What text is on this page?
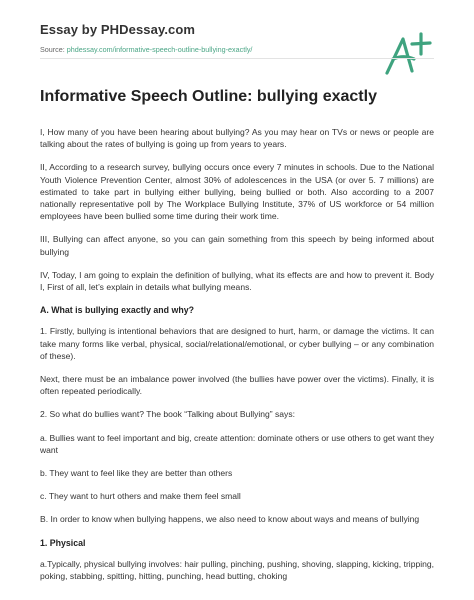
Essay by PHDessay.com
Source: phdessay.com/informative-speech-outline-bullying-exactly/
Informative Speech Outline: bullying exactly

I, How many of you have been hearing about bullying? As you may hear on TVs or news or people are talking about the rates of bullying is going up from years to years.

II, According to a research survey, bullying occurs once every 7 minutes in schools. Due to the National Youth Violence Prevention Center, almost 30% of adolescences in the USA (or over 5. 7 millions) are estimated to take part in bullying either bullying, being bullied or both. Also according to a 2007 nationally representative poll by The Workplace Bullying Institute, 37% of US workforce or 54 million employees have been bullied some time during their work time.

III, Bullying can affect anyone, so you can gain something from this speech by being informed about bullying

IV, Today, I am going to explain the definition of bullying, what its effects are and how to prevent it. Body I, First of all, let’s explain in details what bullying means.

A. What is bullying exactly and why?

1. Firstly, bullying is intentional behaviors that are designed to hurt, harm, or damage the victims. It can take many forms like verbal, physical, social/relational/emotional, or cyber bullying – or any combination of these).

Next, there must be an imbalance power involved (the bullies have power over the victims). Finally, it is often repeated periodically.

2. So what do bullies want? The book “Talking about Bullying” says:

a. Bullies want to feel important and big, create attention: dominate others or use others to get want they want

b. They want to feel like they are better than others

c. They want to hurt others and make them feel small

B. In order to know when bullying happens, we also need to know about ways and means of bullying

1. Physical

a.Typically, physical bullying involves: hair pulling, pinching, pushing, shoving, slapping, kicking, tripping, poking, stabbing, spitting, hitting, punching, head butting, choking
